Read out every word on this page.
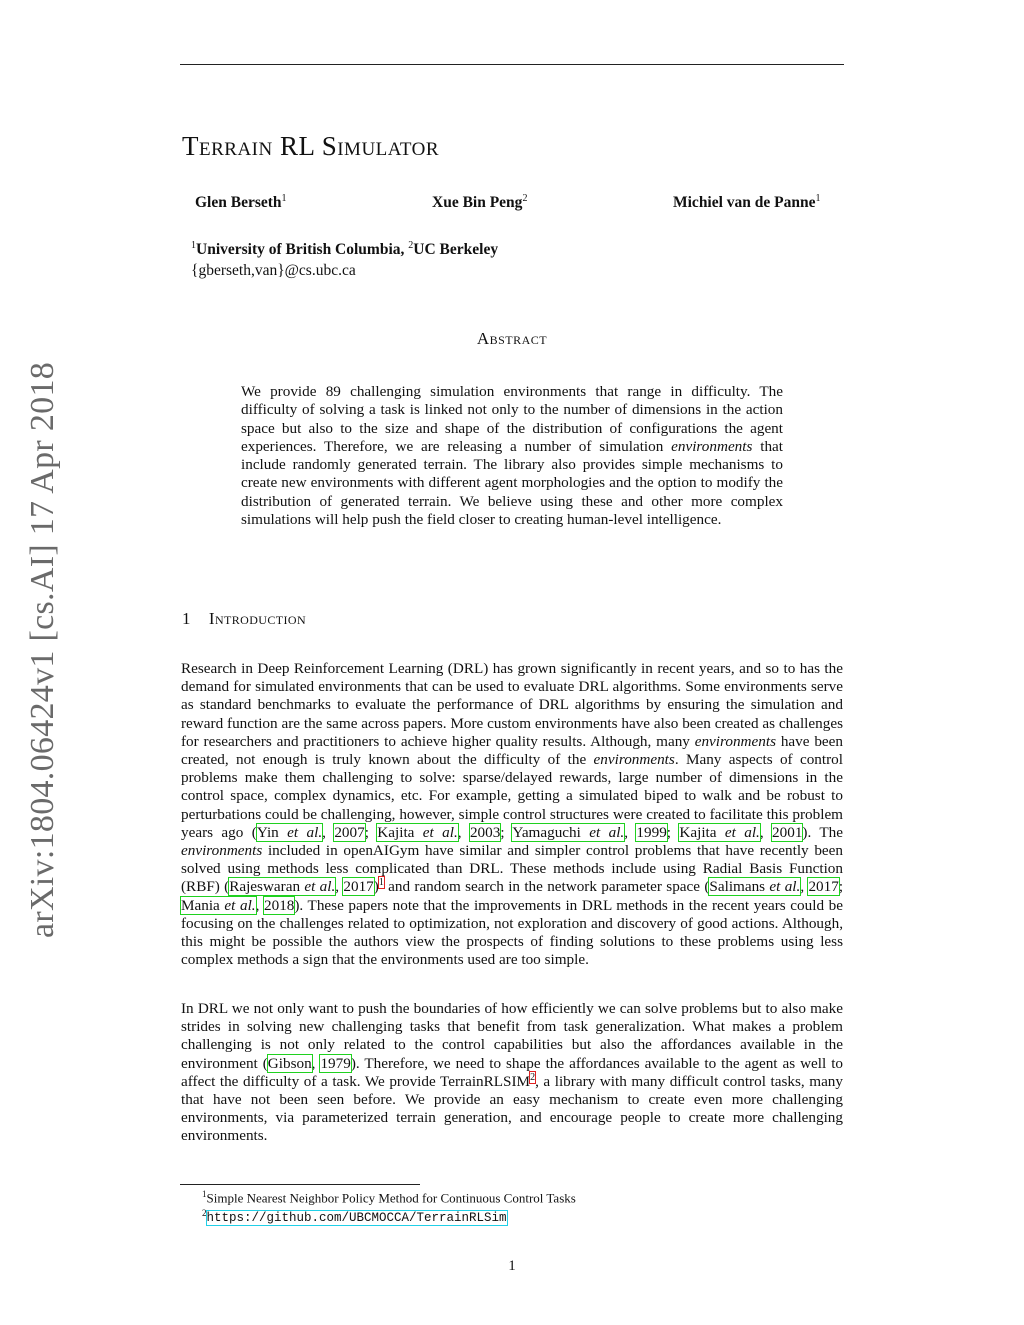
arXiv:1804.06424v1 [cs.AI] 17 Apr 2018
Terrain RL Simulator
Glen Berseth$^1$	Xue Bin Peng$^2$	Michiel van de Panne$^1$
$^1$University of British Columbia, $^2$UC Berkeley
{gberseth,van}@cs.ubc.ca
Abstract

We provide 89 challenging simulation environments that range in difficulty. The difficulty of solving a task is linked not only to the number of dimensions in the action space but also to the size and shape of the distribution of configurations the agent experiences. Therefore, we are releasing a number of simulation environments that include randomly generated terrain. The library also provides simple mechanisms to create new environments with different agent morphologies and the option to modify the distribution of generated terrain. We believe using these and other more complex simulations will help push the field closer to creating human-level intelligence.

1 Introduction

Research in Deep Reinforcement Learning (DRL) has grown significantly in recent years, and so to has the demand for simulated environments that can be used to evaluate DRL algorithms. Some environments serve as standard benchmarks to evaluate the performance of DRL algorithms by ensuring the simulation and reward function are the same across papers. More custom environments have also been created as challenges for researchers and practitioners to achieve higher quality results. Although, many environments have been created, not enough is truly known about the difficulty of the environments. Many aspects of control problems make them challenging to solve: sparse/delayed rewards, large number of dimensions in the control space, complex dynamics, etc. For example, getting a simulated biped to walk and be robust to perturbations could be challenging, however, simple control structures were created to facilitate this problem years ago (Yin et al., 2007; Kajita et al., 2003; Yamaguchi et al., 1999; Kajita et al., 2001). The environments included in openAIGym have similar and simpler control problems that have recently been solved using methods less complicated than DRL. These methods include using Radial Basis Function (RBF) (Rajeswaran et al., 2017)$^1$ and random search in the network parameter space (Salimans et al., 2017; Mania et al., 2018). These papers note that the improvements in DRL methods in the recent years could be focusing on the challenges related to optimization, not exploration and discovery of good actions. Although, this might be possible the authors view the prospects of finding solutions to these problems using less complex methods a sign that the environments used are too simple.

In DRL we not only want to push the boundaries of how efficiently we can solve problems but to also make strides in solving new challenging tasks that benefit from task generalization. What makes a problem challenging is not only related to the control capabilities but also the affordances available in the environment (Gibson, 1979). Therefore, we need to shape the affordances available to the agent as well to affect the difficulty of a task. We provide TerrainRLSIM$^2$, a library with many difficult control tasks, many that have not been seen before. We provide an easy mechanism to create even more challenging environments, via parameterized terrain generation, and encourage people to create more challenging environments.

$^1$Simple Nearest Neighbor Policy Method for Continuous Control Tasks
$^2$https://github.com/UBCMOCCA/TerrainRLSim
1
